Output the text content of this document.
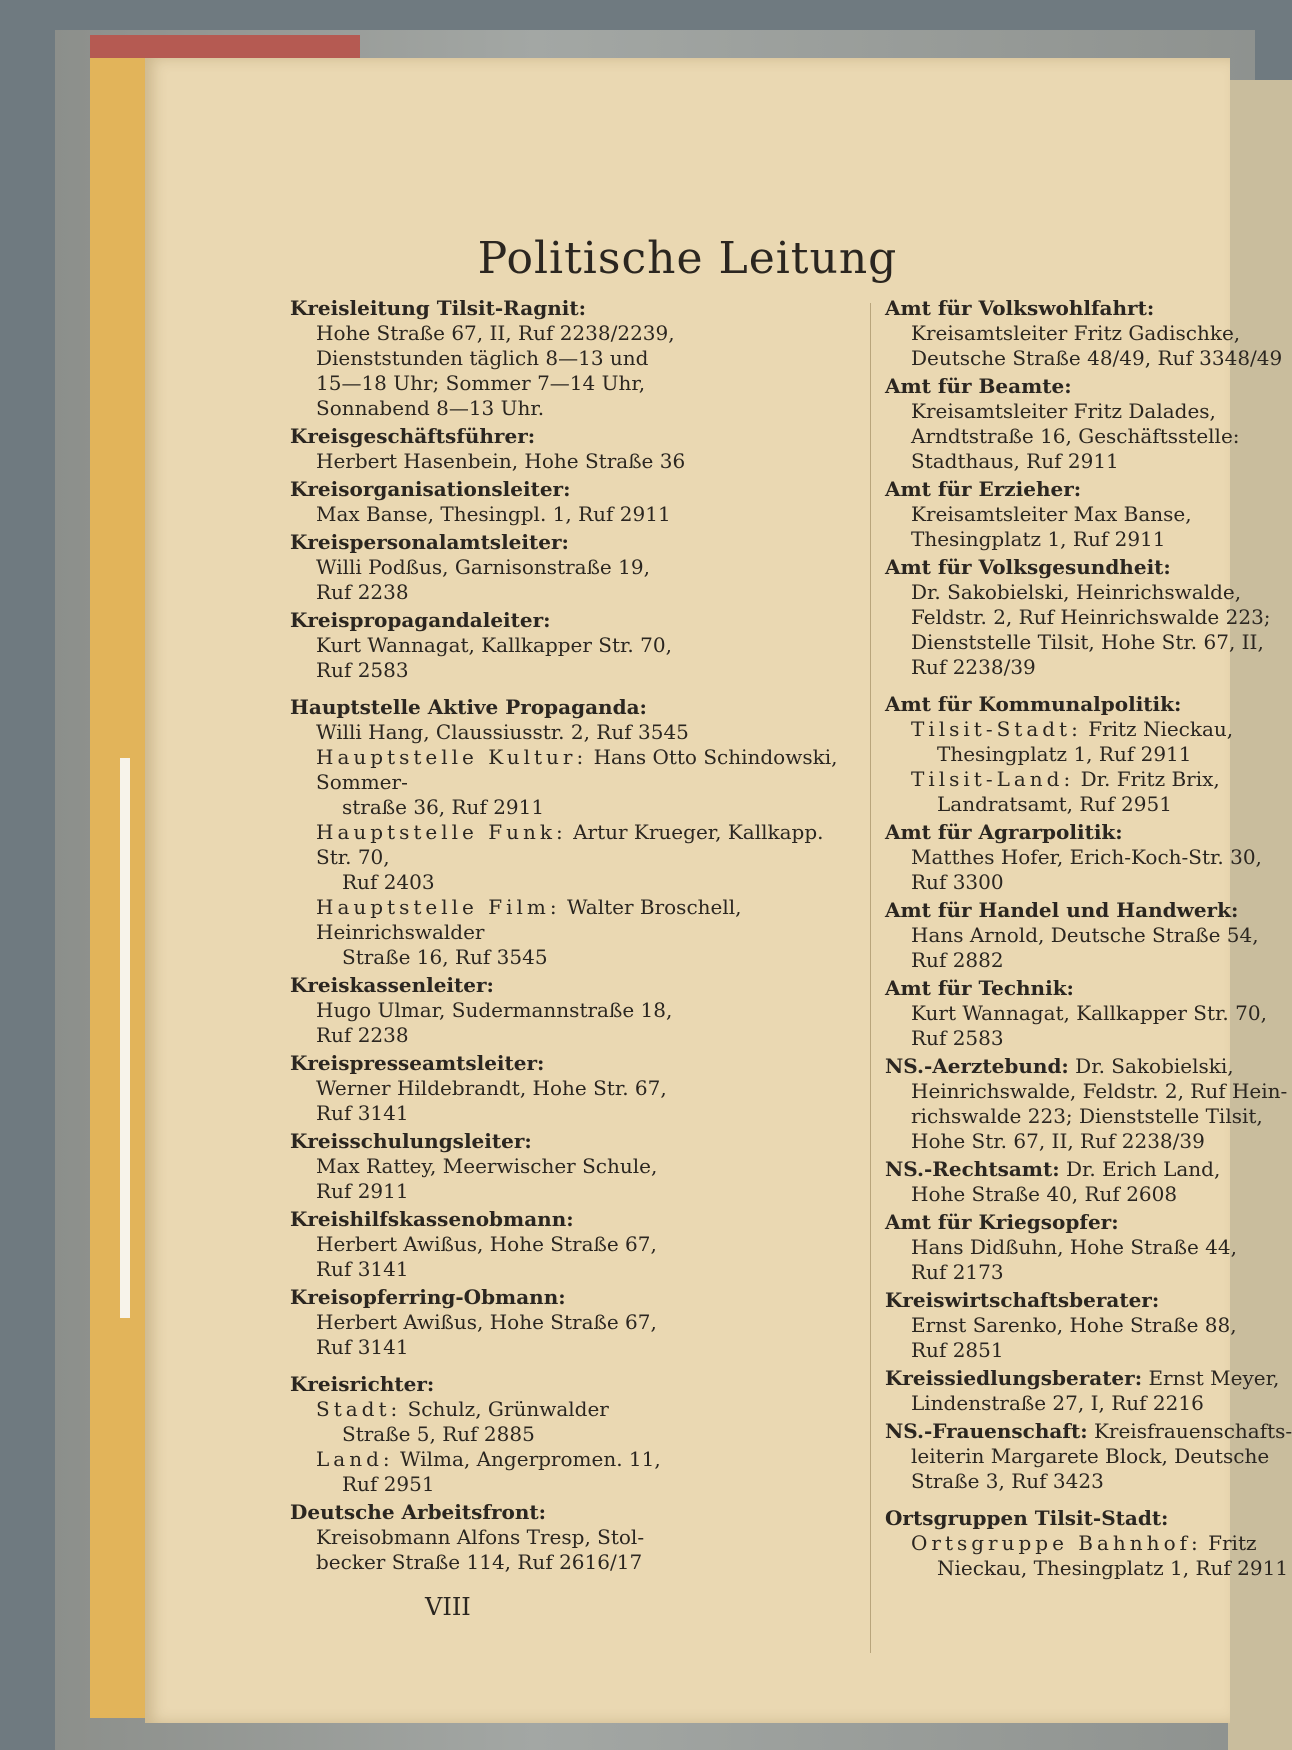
Politische Leitung
Kreisleitung Tilsit-Ragnit:
Hohe Straße 67, II, Ruf 2238/2239,
Dienststunden täglich 8—13 und
15—18 Uhr; Sommer 7—14 Uhr,
Sonnabend 8—13 Uhr.
Kreisgeschäftsführer:
Herbert Hasenbein, Hohe Straße 36
Kreisorganisationsleiter:
Max Banse, Thesingpl. 1, Ruf 2911
Kreispersonalamtsleiter:
Willi Podßus, Garnisonstraße 19,
Ruf 2238
Kreispropagandaleiter:
Kurt Wannagat, Kallkapper Str. 70,
Ruf 2583
Hauptstelle Aktive Propaganda:
Willi Hang, Claussiusstr. 2, Ruf 3545
Hauptstelle Kultur: Hans Otto Schindowski, Sommer-
straße 36, Ruf 2911
Hauptstelle Funk: Artur Krueger, Kallkapp. Str. 70,
Ruf 2403
Hauptstelle Film: Walter Broschell, Heinrichswalder
Straße 16, Ruf 3545
Kreiskassenleiter:
Hugo Ulmar, Sudermannstraße 18,
Ruf 2238
Kreispresseamtsleiter:
Werner Hildebrandt, Hohe Str. 67,
Ruf 3141
Kreisschulungsleiter:
Max Rattey, Meerwischer Schule,
Ruf 2911
Kreishilfskassenobmann:
Herbert Awißus, Hohe Straße 67,
Ruf 3141
Kreisopferring-Obmann:
Herbert Awißus, Hohe Straße 67,
Ruf 3141
Kreisrichter:
Stadt: Schulz, Grünwalder
Straße 5, Ruf 2885
Land: Wilma, Angerpromen. 11,
Ruf 2951
Deutsche Arbeitsfront:
Kreisobmann Alfons Tresp, Stol-
becker Straße 114, Ruf 2616/17
Amt für Volkswohlfahrt:
Kreisamtsleiter Fritz Gadischke,
Deutsche Straße 48/49, Ruf 3348/49
Amt für Beamte:
Kreisamtsleiter Fritz Dalades,
Arndtstraße 16, Geschäftsstelle:
Stadthaus, Ruf 2911
Amt für Erzieher:
Kreisamtsleiter Max Banse,
Thesingplatz 1, Ruf 2911
Amt für Volksgesundheit:
Dr. Sakobielski, Heinrichswalde,
Feldstr. 2, Ruf Heinrichswalde 223;
Dienststelle Tilsit, Hohe Str. 67, II,
Ruf 2238/39
Amt für Kommunalpolitik:
Tilsit-Stadt: Fritz Nieckau,
Thesingplatz 1, Ruf 2911
Tilsit-Land: Dr. Fritz Brix,
Landratsamt, Ruf 2951
Amt für Agrarpolitik:
Matthes Hofer, Erich-Koch-Str. 30,
Ruf 3300
Amt für Handel und Handwerk:
Hans Arnold, Deutsche Straße 54,
Ruf 2882
Amt für Technik:
Kurt Wannagat, Kallkapper Str. 70,
Ruf 2583
NS.-Aerztebund: Dr. Sakobielski,
Heinrichswalde, Feldstr. 2, Ruf Hein-
richswalde 223; Dienststelle Tilsit,
Hohe Str. 67, II, Ruf 2238/39
NS.-Rechtsamt: Dr. Erich Land,
Hohe Straße 40, Ruf 2608
Amt für Kriegsopfer:
Hans Didßuhn, Hohe Straße 44,
Ruf 2173
Kreiswirtschaftsberater:
Ernst Sarenko, Hohe Straße 88,
Ruf 2851
Kreissiedlungsberater: Ernst Meyer,
Lindenstraße 27, I, Ruf 2216
NS.-Frauenschaft: Kreisfrauenschafts-
leiterin Margarete Block, Deutsche
Straße 3, Ruf 3423
Ortsgruppen Tilsit-Stadt:
Ortsgruppe Bahnhof: Fritz
Nieckau, Thesingplatz 1, Ruf 2911
VIII
